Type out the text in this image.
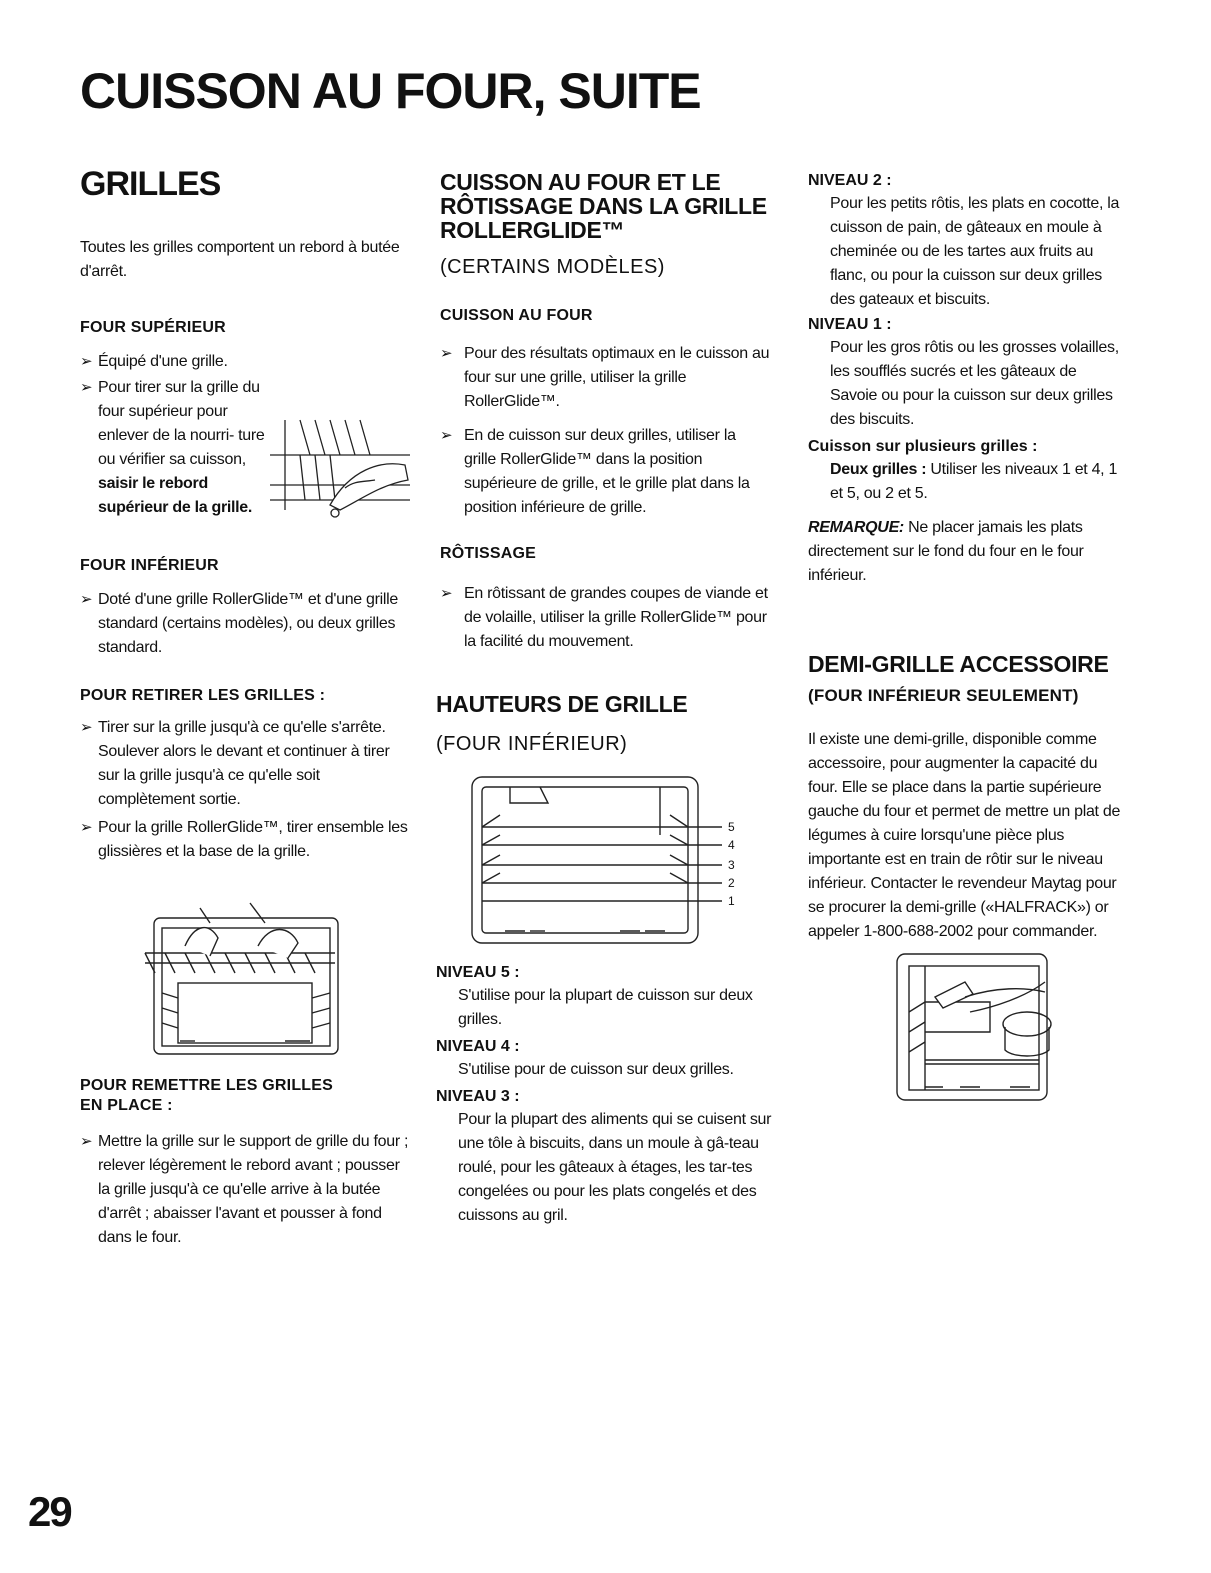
CUISSON AU FOUR, SUITE
GRILLES
Toutes les grilles comportent un rebord à butée d'arrêt.
FOUR SUPÉRIEUR
➢ Équipé d'une grille.
➢ Pour tirer sur la grille du four supérieur pour enlever de la nourri- ture ou vérifier sa cuisson, saisir le rebord supérieur de la grille.
FOUR INFÉRIEUR
➢ Doté d'une grille RollerGlide™ et d'une grille standard (certains modèles), ou deux grilles standard.
POUR RETIRER LES GRILLES :
➢ Tirer sur la grille jusqu'à ce qu'elle s'arrête. Soulever alors le devant et continuer à tirer sur la grille jusqu'à ce qu'elle soit complètement sortie.
➢ Pour la grille RollerGlide™, tirer ensemble les glissières et la base de la grille.
POUR REMETTRE LES GRILLES
EN PLACE :
➢ Mettre la grille sur le support de grille du four ; relever légèrement le rebord avant ; pousser la grille jusqu'à ce qu'elle arrive à la butée d'arrêt ; abaisser l'avant et pousser à fond dans le four.
CUISSON AU FOUR ET LE
RÔTISSAGE DANS LA GRILLE
ROLLERGLIDE™
(CERTAINS MODÈLES)
CUISSON AU FOUR
➢ Pour des résultats optimaux en le cuisson au four sur une grille, utiliser la grille RollerGlide™.
➢ En de cuisson sur deux grilles, utiliser la grille RollerGlide™ dans la position supérieure de grille, et le grille plat dans la position inférieure de grille.
RÔTISSAGE
➢ En rôtissant de grandes coupes de viande et de volaille, utiliser la grille RollerGlide™ pour la facilité du mouvement.
HAUTEURS DE GRILLE
(FOUR INFÉRIEUR)
5
4
3
2
1
NIVEAU 5 :
S'utilise pour la plupart de cuisson sur deux grilles.
NIVEAU 4 :
S'utilise pour de cuisson sur deux grilles.
NIVEAU 3 :
Pour la plupart des aliments qui se cuisent sur une tôle à biscuits, dans un moule à gâ-teau roulé, pour les gâteaux à étages, les tar-tes congelées ou pour les plats congelés et des cuissons au gril.
NIVEAU 2 :
Pour les petits rôtis, les plats en cocotte, la cuisson de pain, de gâteaux en moule à cheminée ou de les tartes aux fruits au flanc, ou pour la cuisson sur deux grilles des gateaux et biscuits.
NIVEAU 1 :
Pour les gros rôtis ou les grosses volailles, les soufflés sucrés et les gâteaux de Savoie ou pour la cuisson sur deux grilles des biscuits.
Cuisson sur plusieurs grilles :
Deux grilles : Utiliser les niveaux 1 et 4, 1 et 5, ou 2 et 5.
REMARQUE: Ne placer jamais les plats directement sur le fond du four en le four inférieur.
DEMI-GRILLE ACCESSOIRE
(FOUR INFÉRIEUR SEULEMENT)
Il existe une demi-grille, disponible comme accessoire, pour augmenter la capacité du four. Elle se place dans la partie supérieure gauche du four et permet de mettre un plat de légumes à cuire lorsqu'une pièce plus importante est en train de rôtir sur le niveau inférieur. Contacter le revendeur Maytag pour se procurer la demi-grille («HALFRACK») or appeler 1-800-688-2002 pour commander.
29
